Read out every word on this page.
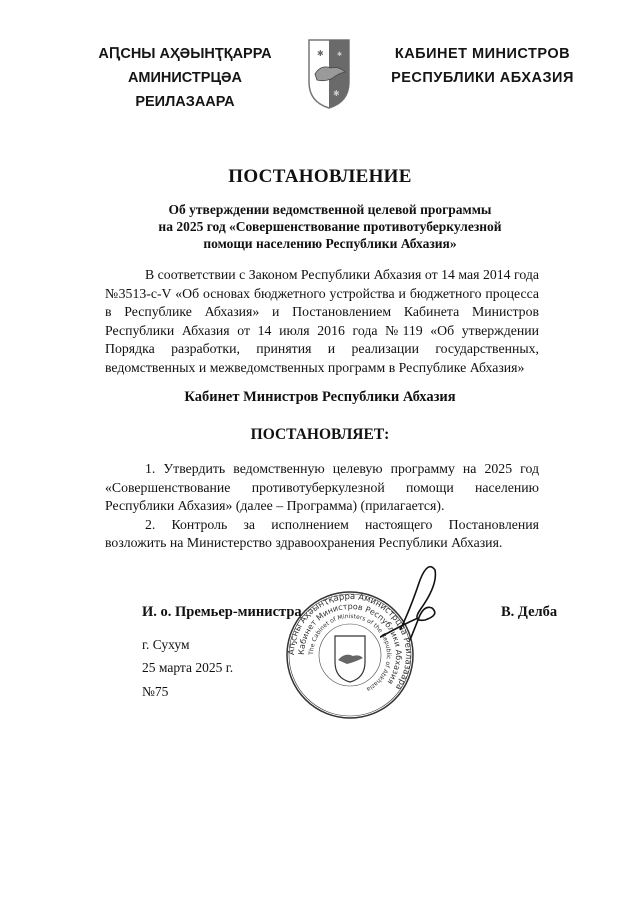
АԤСНЫ АҲӘЫНҬҚАРРА
АМИНИСТРЦӘА РЕИЛАЗААРА
✱ ✱
✱
КАБИНЕТ МИНИСТРОВ
РЕСПУБЛИКИ АБХАЗИЯ
ПОСТАНОВЛЕНИЕ
Об утверждении ведомственной целевой программы
на 2025 год «Совершенствование противотуберкулезной
помощи населению Республики Абхазия»

В соответствии с Законом Республики Абхазия от 14 мая 2014 года №3513-с-V «Об основах бюджетного устройства и бюджетного процесса в Республике Абхазия» и Постановлением Кабинета Министров Республики Абхазия от 14 июля 2016 года №119 «Об утверждении Порядка разработки, принятия и реализации государственных, ведомственных и межведомственных программ в Республике Абхазия»

Кабинет Министров Республики Абхазия
ПОСТАНОВЛЯЕТ:

1. Утвердить ведомственную целевую программу на 2025 год «Совершенствование противотуберкулезной помощи населению Республики Абхазия» (далее – Программа) (прилагается).

2. Контроль за исполнением настоящего Постановления возложить на Министерство здравоохранения Республики Абхазия.

Аҧсны Аҳәынҭқарра Аминистрцәа Реилазаара
Кабинет Министров Республики Абхазия
The Cabinet of Ministers of the Republic of Abkhazia
И. о. Премьер-министра	В. Делба
г. Сухум
25 марта 2025 г.
№75
